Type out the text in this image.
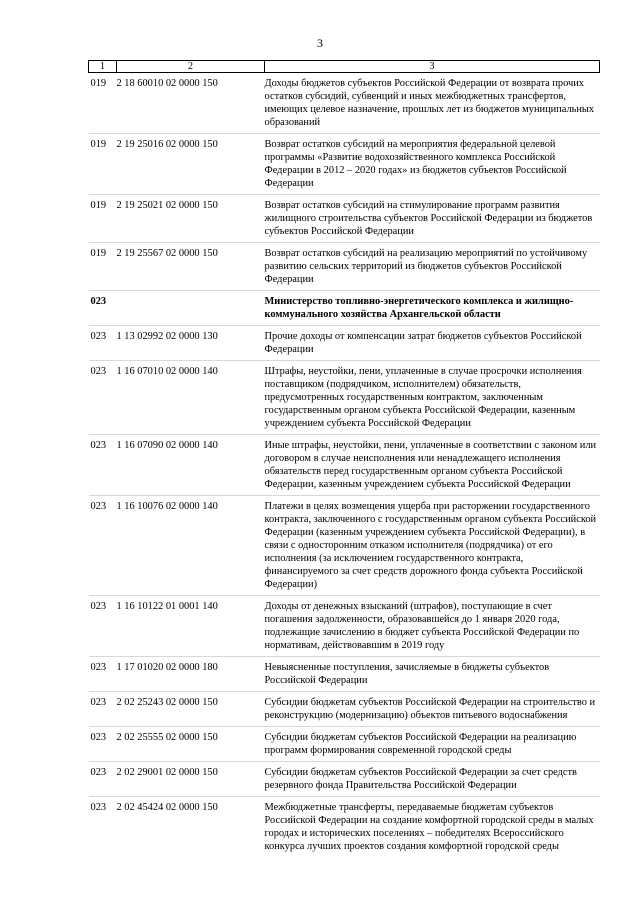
3
1	2	3
019	2 18 60010 02 0000 150	Доходы бюджетов субъектов Российской Федерации от возврата прочих остатков субсидий, субвенций и иных межбюджетных трансфертов, имеющих целевое назначение, прошлых лет из бюджетов муниципальных образований
019	2 19 25016 02 0000 150	Возврат остатков субсидий на мероприятия федеральной целевой программы «Развитие водохозяйственного комплекса Российской Федерации в 2012 – 2020 годах» из бюджетов субъектов Российской Федерации
019	2 19 25021 02 0000 150	Возврат остатков субсидий на стимулирование программ развития жилищного строительства субъектов Российской Федерации из бюджетов субъектов Российской Федерации
019	2 19 25567 02 0000 150	Возврат остатков субсидий на реализацию мероприятий по устойчивому развитию сельских территорий из бюджетов субъектов Российской Федерации
023		Министерство топливно-энергетического комплекса и жилищно-коммунального хозяйства Архангельской области
023	1 13 02992 02 0000 130	Прочие доходы от компенсации затрат бюджетов субъектов Российской Федерации
023	1 16 07010 02 0000 140	Штрафы, неустойки, пени, уплаченные в случае просрочки исполнения поставщиком (подрядчиком, исполнителем) обязательств, предусмотренных государственным контрактом, заключенным государственным органом субъекта Российской Федерации, казенным учреждением субъекта Российской Федерации
023	1 16 07090 02 0000 140	Иные штрафы, неустойки, пени, уплаченные в соответствии с законом или договором в случае неисполнения или ненадлежащего исполнения обязательств перед государственным органом субъекта Российской Федерации, казенным учреждением субъекта Российской Федерации
023	1 16 10076 02 0000 140	Платежи в целях возмещения ущерба при расторжении государственного контракта, заключенного с государственным органом субъекта Российской Федерации (казенным учреждением субъекта Российской Федерации), в связи с односторонним отказом исполнителя (подрядчика) от его исполнения (за исключением государственного контракта, финансируемого за счет средств дорожного фонда субъекта Российской Федерации)
023	1 16 10122 01 0001 140	Доходы от денежных взысканий (штрафов), поступающие в счет погашения задолженности, образовавшейся до 1 января 2020 года, подлежащие зачислению в бюджет субъекта Российской Федерации по нормативам, действовавшим в 2019 году
023	1 17 01020 02 0000 180	Невыясненные поступления, зачисляемые в бюджеты субъектов Российской Федерации
023	2 02 25243 02 0000 150	Субсидии бюджетам субъектов Российской Федерации на строительство и реконструкцию (модернизацию) объектов питьевого водоснабжения
023	2 02 25555 02 0000 150	Субсидии бюджетам субъектов Российской Федерации на реализацию программ формирования современной городской среды
023	2 02 29001 02 0000 150	Субсидии бюджетам субъектов Российской Федерации за счет средств резервного фонда Правительства Российской Федерации
023	2 02 45424 02 0000 150	Межбюджетные трансферты, передаваемые бюджетам субъектов Российской Федерации на создание комфортной городской среды в малых городах и исторических поселениях – победителях Всероссийского конкурса лучших проектов создания комфортной городской среды
